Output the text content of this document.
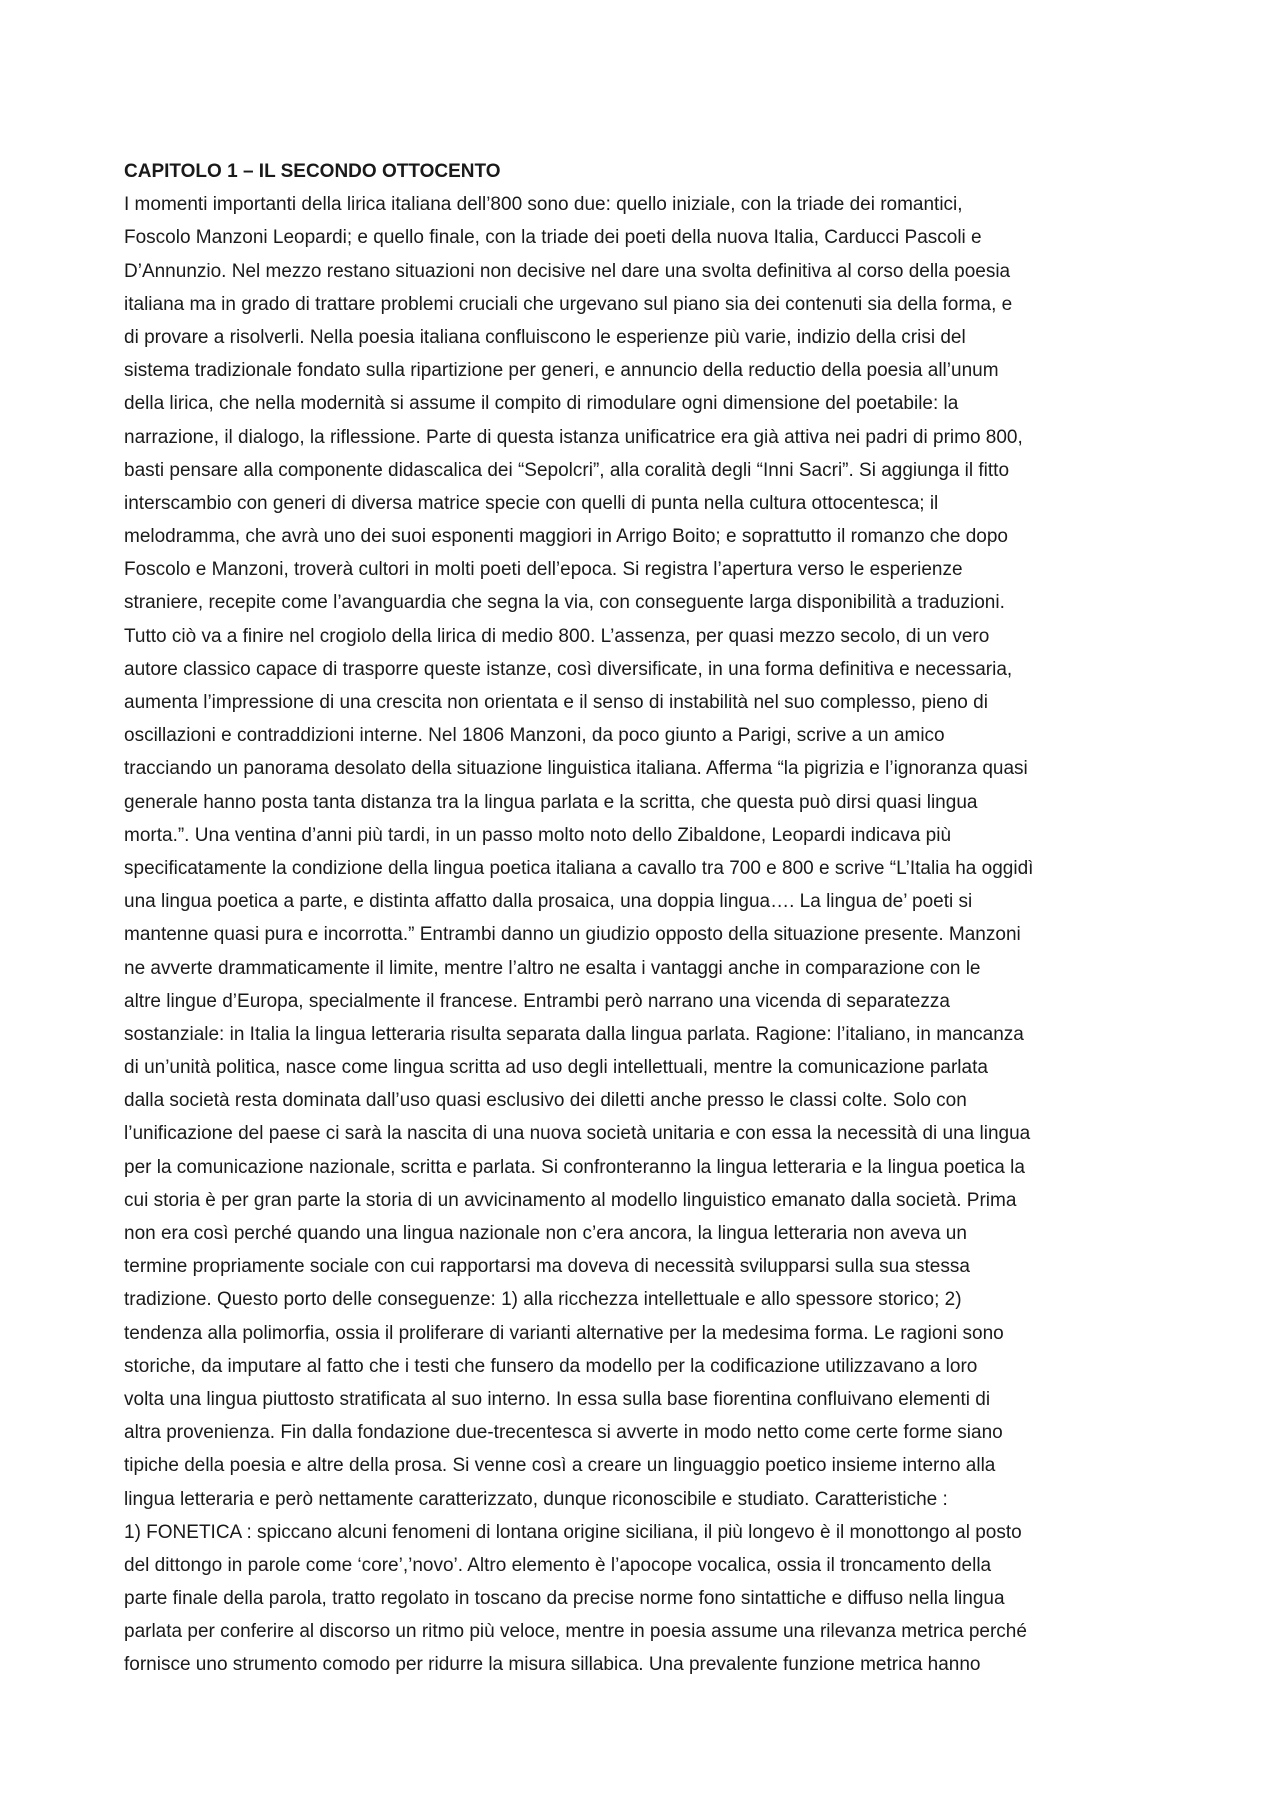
CAPITOLO 1 – IL SECONDO OTTOCENTO
I momenti importanti della lirica italiana dell’800 sono due: quello iniziale, con la triade dei romantici,
Foscolo Manzoni Leopardi; e quello finale, con la triade dei poeti della nuova Italia, Carducci Pascoli e
D’Annunzio. Nel mezzo restano situazioni non decisive nel dare una svolta definitiva al corso della poesia
italiana ma in grado di trattare problemi cruciali che urgevano sul piano sia dei contenuti sia della forma, e
di provare a risolverli. Nella poesia italiana confluiscono le esperienze più varie, indizio della crisi del
sistema tradizionale fondato sulla ripartizione per generi, e annuncio della reductio della poesia all’unum
della lirica, che nella modernità si assume il compito di rimodulare ogni dimensione del poetabile: la
narrazione, il dialogo, la riflessione. Parte di questa istanza unificatrice era già attiva nei padri di primo 800,
basti pensare alla componente didascalica dei “Sepolcri”, alla coralità degli “Inni Sacri”. Si aggiunga il fitto
interscambio con generi di diversa matrice specie con quelli di punta nella cultura ottocentesca; il
melodramma, che avrà uno dei suoi esponenti maggiori in Arrigo Boito; e soprattutto il romanzo che dopo
Foscolo e Manzoni, troverà cultori in molti poeti dell’epoca. Si registra l’apertura verso le esperienze
straniere, recepite come l’avanguardia che segna la via, con conseguente larga disponibilità a traduzioni.
Tutto ciò va a finire nel crogiolo della lirica di medio 800. L’assenza, per quasi mezzo secolo, di un vero
autore classico capace di trasporre queste istanze, così diversificate, in una forma definitiva e necessaria,
aumenta l’impressione di una crescita non orientata e il senso di instabilità nel suo complesso, pieno di
oscillazioni e contraddizioni interne. Nel 1806 Manzoni, da poco giunto a Parigi, scrive a un amico
tracciando un panorama desolato della situazione linguistica italiana. Afferma “la pigrizia e l’ignoranza quasi
generale hanno posta tanta distanza tra la lingua parlata e la scritta, che questa può dirsi quasi lingua
morta.”. Una ventina d’anni più tardi, in un passo molto noto dello Zibaldone, Leopardi indicava più
specificatamente la condizione della lingua poetica italiana a cavallo tra 700 e 800 e scrive “L’Italia ha oggidì
una lingua poetica a parte, e distinta affatto dalla prosaica, una doppia lingua…. La lingua de’ poeti si
mantenne quasi pura e incorrotta.” Entrambi danno un giudizio opposto della situazione presente. Manzoni
ne avverte drammaticamente il limite, mentre l’altro ne esalta i vantaggi anche in comparazione con le
altre lingue d’Europa, specialmente il francese. Entrambi però narrano una vicenda di separatezza
sostanziale: in Italia la lingua letteraria risulta separata dalla lingua parlata. Ragione: l’italiano, in mancanza
di un’unità politica, nasce come lingua scritta ad uso degli intellettuali, mentre la comunicazione parlata
dalla società resta dominata dall’uso quasi esclusivo dei diletti anche presso le classi colte. Solo con
l’unificazione del paese ci sarà la nascita di una nuova società unitaria e con essa la necessità di una lingua
per la comunicazione nazionale, scritta e parlata. Si confronteranno la lingua letteraria e la lingua poetica la
cui storia è per gran parte la storia di un avvicinamento al modello linguistico emanato dalla società. Prima
non era così perché quando una lingua nazionale non c’era ancora, la lingua letteraria non aveva un
termine propriamente sociale con cui rapportarsi ma doveva di necessità svilupparsi sulla sua stessa
tradizione. Questo porto delle conseguenze: 1) alla ricchezza intellettuale e allo spessore storico; 2)
tendenza alla polimorfia, ossia il proliferare di varianti alternative per la medesima forma. Le ragioni sono
storiche, da imputare al fatto che i testi che funsero da modello per la codificazione utilizzavano a loro
volta una lingua piuttosto stratificata al suo interno. In essa sulla base fiorentina confluivano elementi di
altra provenienza. Fin dalla fondazione due-trecentesca si avverte in modo netto come certe forme siano
tipiche della poesia e altre della prosa. Si venne così a creare un linguaggio poetico insieme interno alla
lingua letteraria e però nettamente caratterizzato, dunque riconoscibile e studiato. Caratteristiche :
1) FONETICA : spiccano alcuni fenomeni di lontana origine siciliana, il più longevo è il monottongo al posto
del dittongo in parole come ‘core’,’novo’. Altro elemento è l’apocope vocalica, ossia il troncamento della
parte finale della parola, tratto regolato in toscano da precise norme fono sintattiche e diffuso nella lingua
parlata per conferire al discorso un ritmo più veloce, mentre in poesia assume una rilevanza metrica perché
fornisce uno strumento comodo per ridurre la misura sillabica. Una prevalente funzione metrica hanno
